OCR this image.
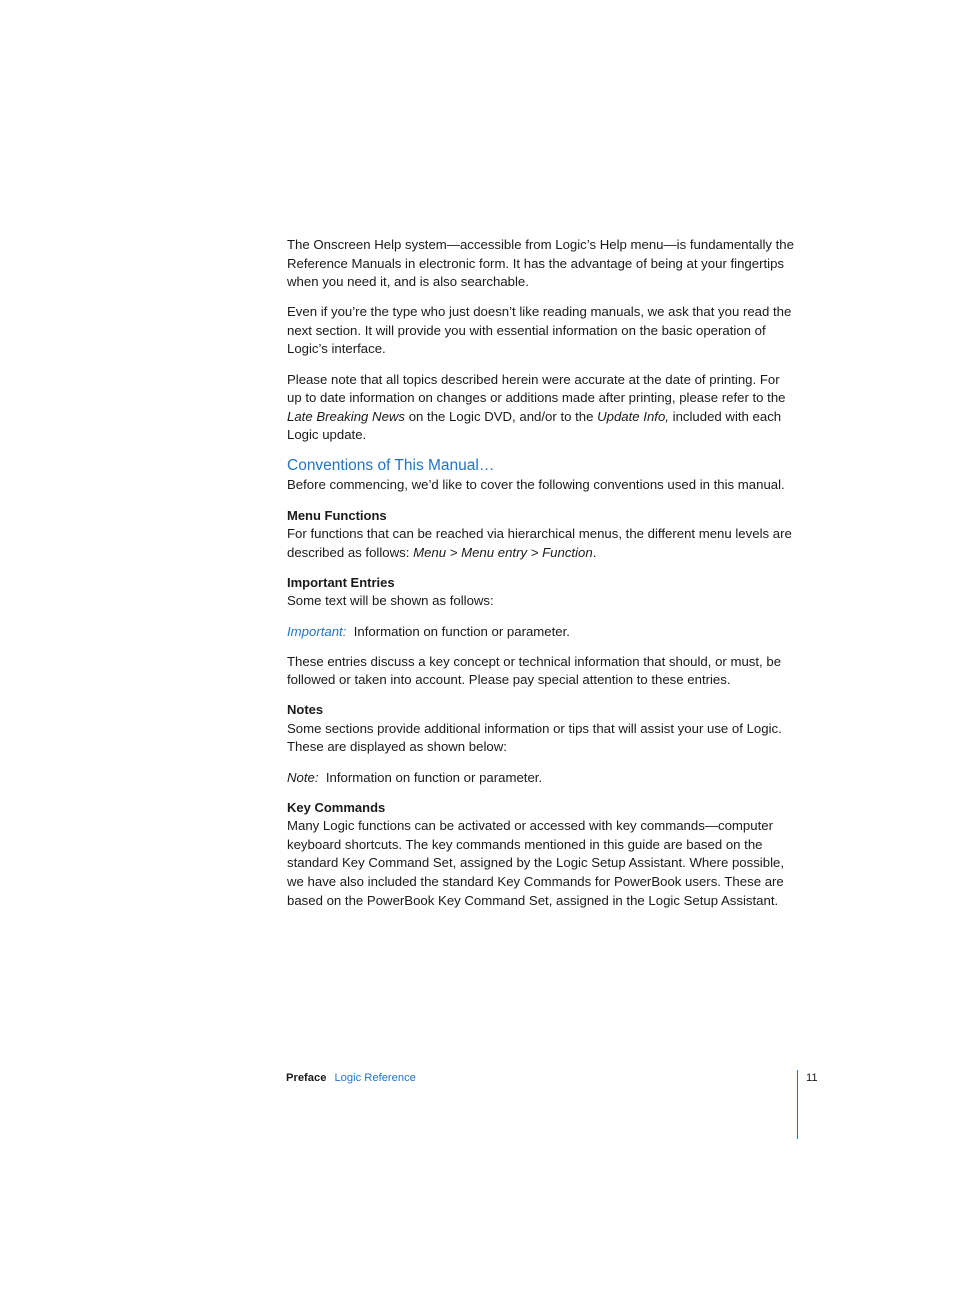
The Onscreen Help system—accessible from Logic’s Help menu—is fundamentally the Reference Manuals in electronic form. It has the advantage of being at your fingertips when you need it, and is also searchable.

Even if you’re the type who just doesn’t like reading manuals, we ask that you read the next section. It will provide you with essential information on the basic operation of Logic’s interface.

Please note that all topics described herein were accurate at the date of printing. For up to date information on changes or additions made after printing, please refer to the Late Breaking News on the Logic DVD, and/or to the Update Info, included with each Logic update.

Conventions of This Manual…

Before commencing, we’d like to cover the following conventions used in this manual.

Menu Functions

For functions that can be reached via hierarchical menus, the different menu levels are described as follows: Menu > Menu entry > Function.

Important Entries

Some text will be shown as follows:

Important:  Information on function or parameter.

These entries discuss a key concept or technical information that should, or must, be followed or taken into account. Please pay special attention to these entries.

Notes

Some sections provide additional information or tips that will assist your use of Logic. These are displayed as shown below:

Note:  Information on function or parameter.

Key Commands

Many Logic functions can be activated or accessed with key commands—computer keyboard shortcuts. The key commands mentioned in this guide are based on the standard Key Command Set, assigned by the Logic Setup Assistant. Where possible, we have also included the standard Key Commands for PowerBook users. These are based on the PowerBook Key Command Set, assigned in the Logic Setup Assistant.

Preface Logic Reference	11
